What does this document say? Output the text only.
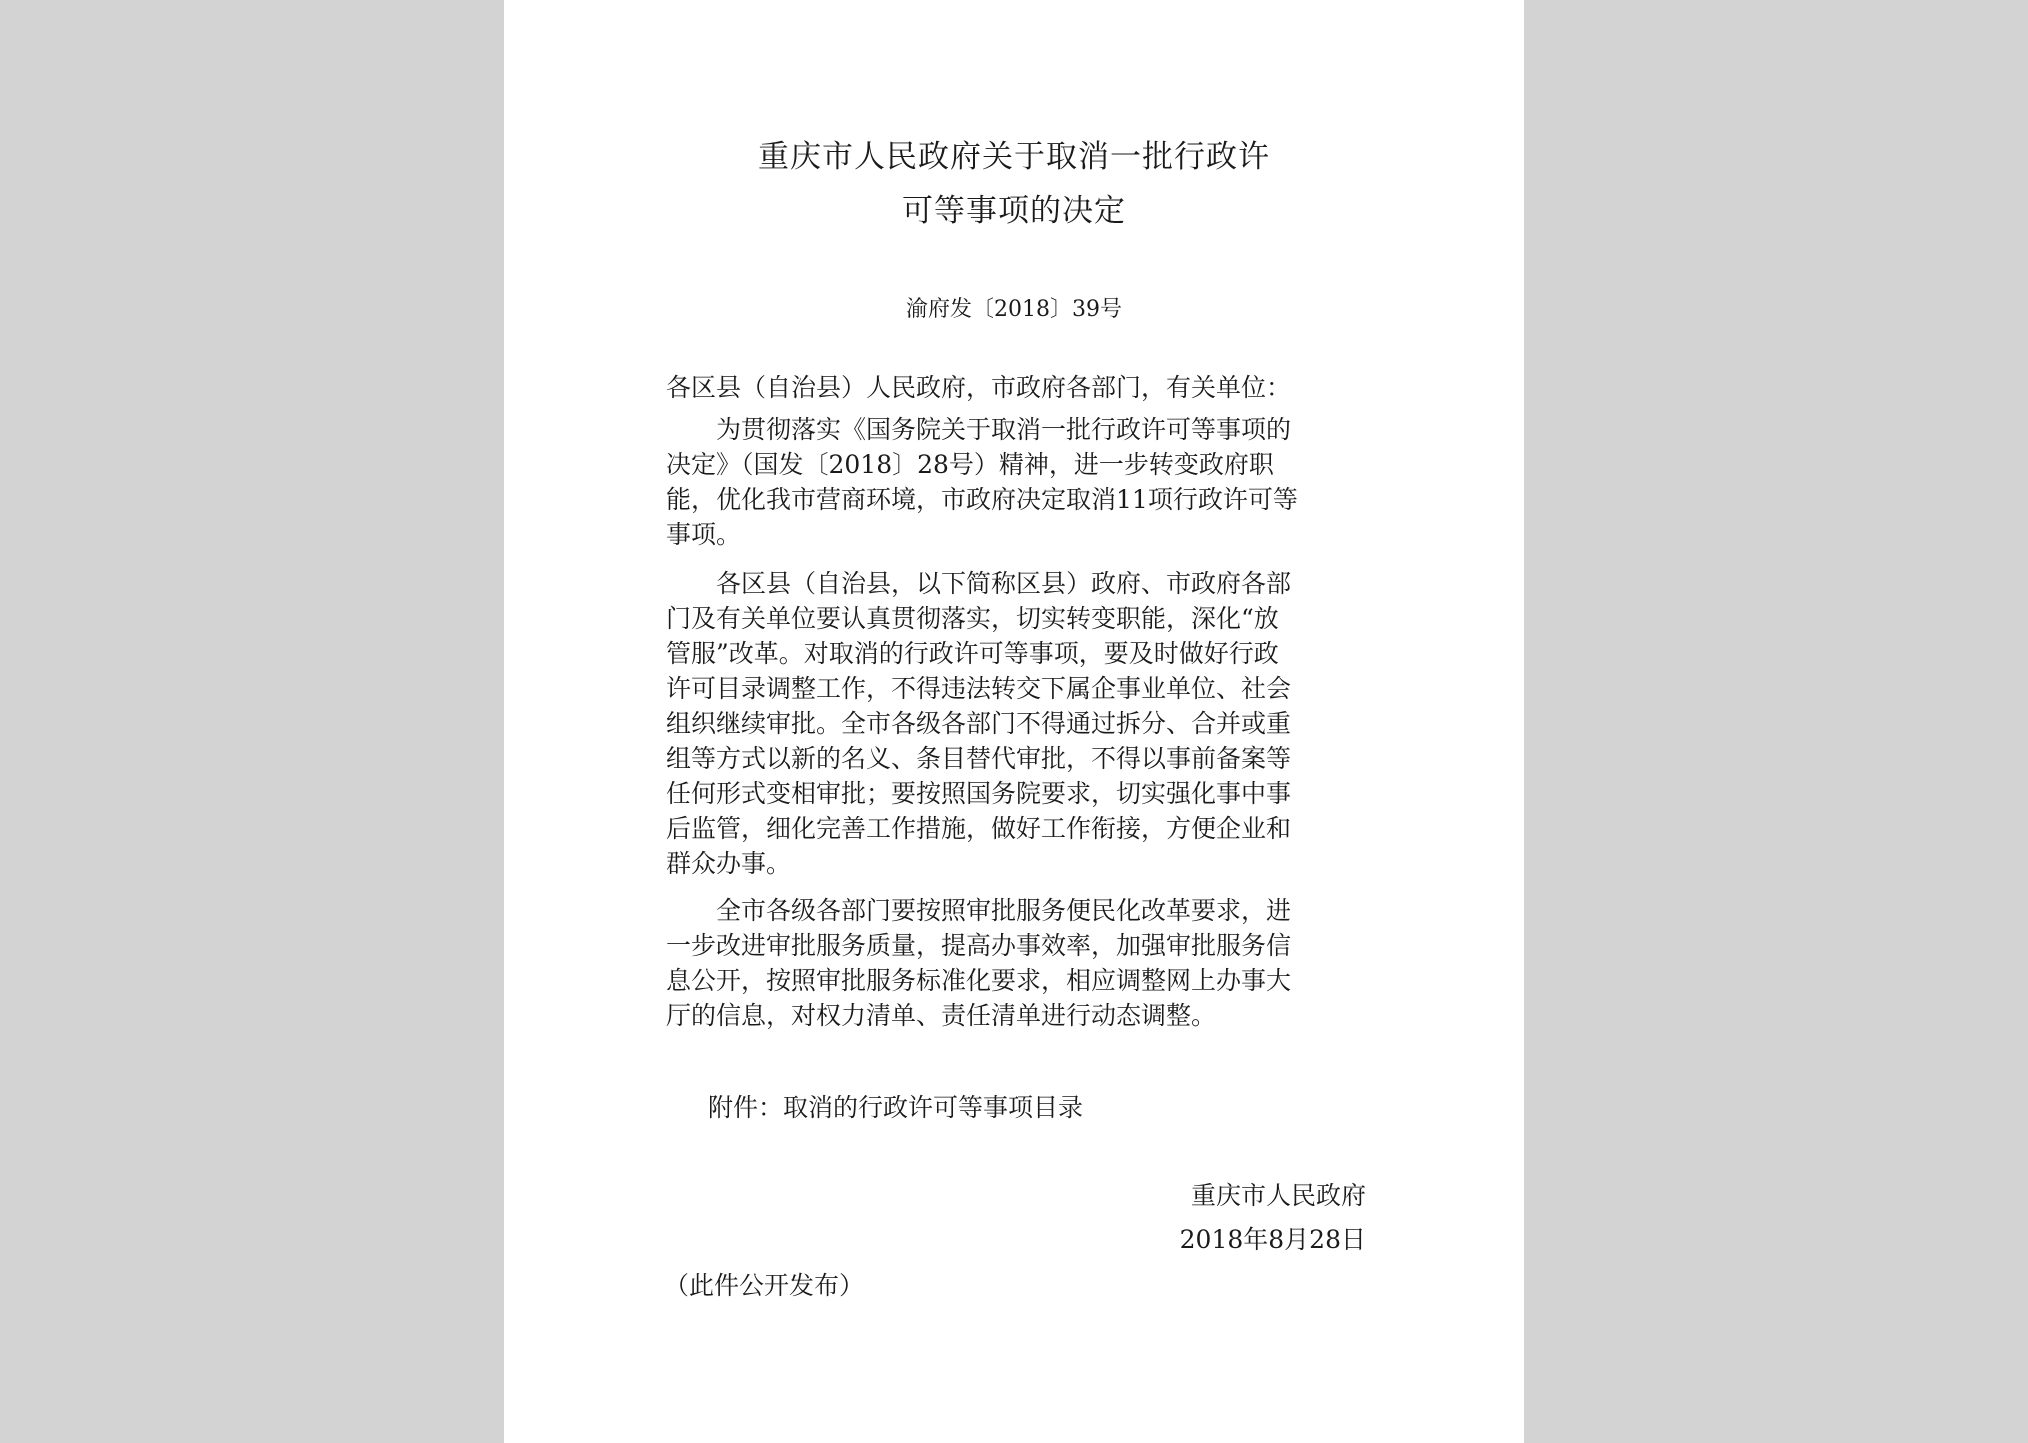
重庆市人民政府关于取消一批行政许
可等事项的决定
渝府发〔2018〕39号
各区县（自治县）人民政府，市政府各部门，有关单位：
　　为贯彻落实《国务院关于取消一批行政许可等事项的
决定》（国发〔2018〕28号）精神，进一步转变政府职
能，优化我市营商环境，市政府决定取消11项行政许可等
事项。
　　各区县（自治县，以下简称区县）政府、市政府各部
门及有关单位要认真贯彻落实，切实转变职能，深化“放
管服”改革。对取消的行政许可等事项，要及时做好行政
许可目录调整工作，不得违法转交下属企事业单位、社会
组织继续审批。全市各级各部门不得通过拆分、合并或重
组等方式以新的名义、条目替代审批，不得以事前备案等
任何形式变相审批；要按照国务院要求，切实强化事中事
后监管，细化完善工作措施，做好工作衔接，方便企业和
群众办事。
　　全市各级各部门要按照审批服务便民化改革要求，进
一步改进审批服务质量，提高办事效率，加强审批服务信
息公开，按照审批服务标准化要求，相应调整网上办事大
厅的信息，对权力清单、责任清单进行动态调整。
附件：取消的行政许可等事项目录
重庆市人民政府
2018年8月28日
（此件公开发布）
